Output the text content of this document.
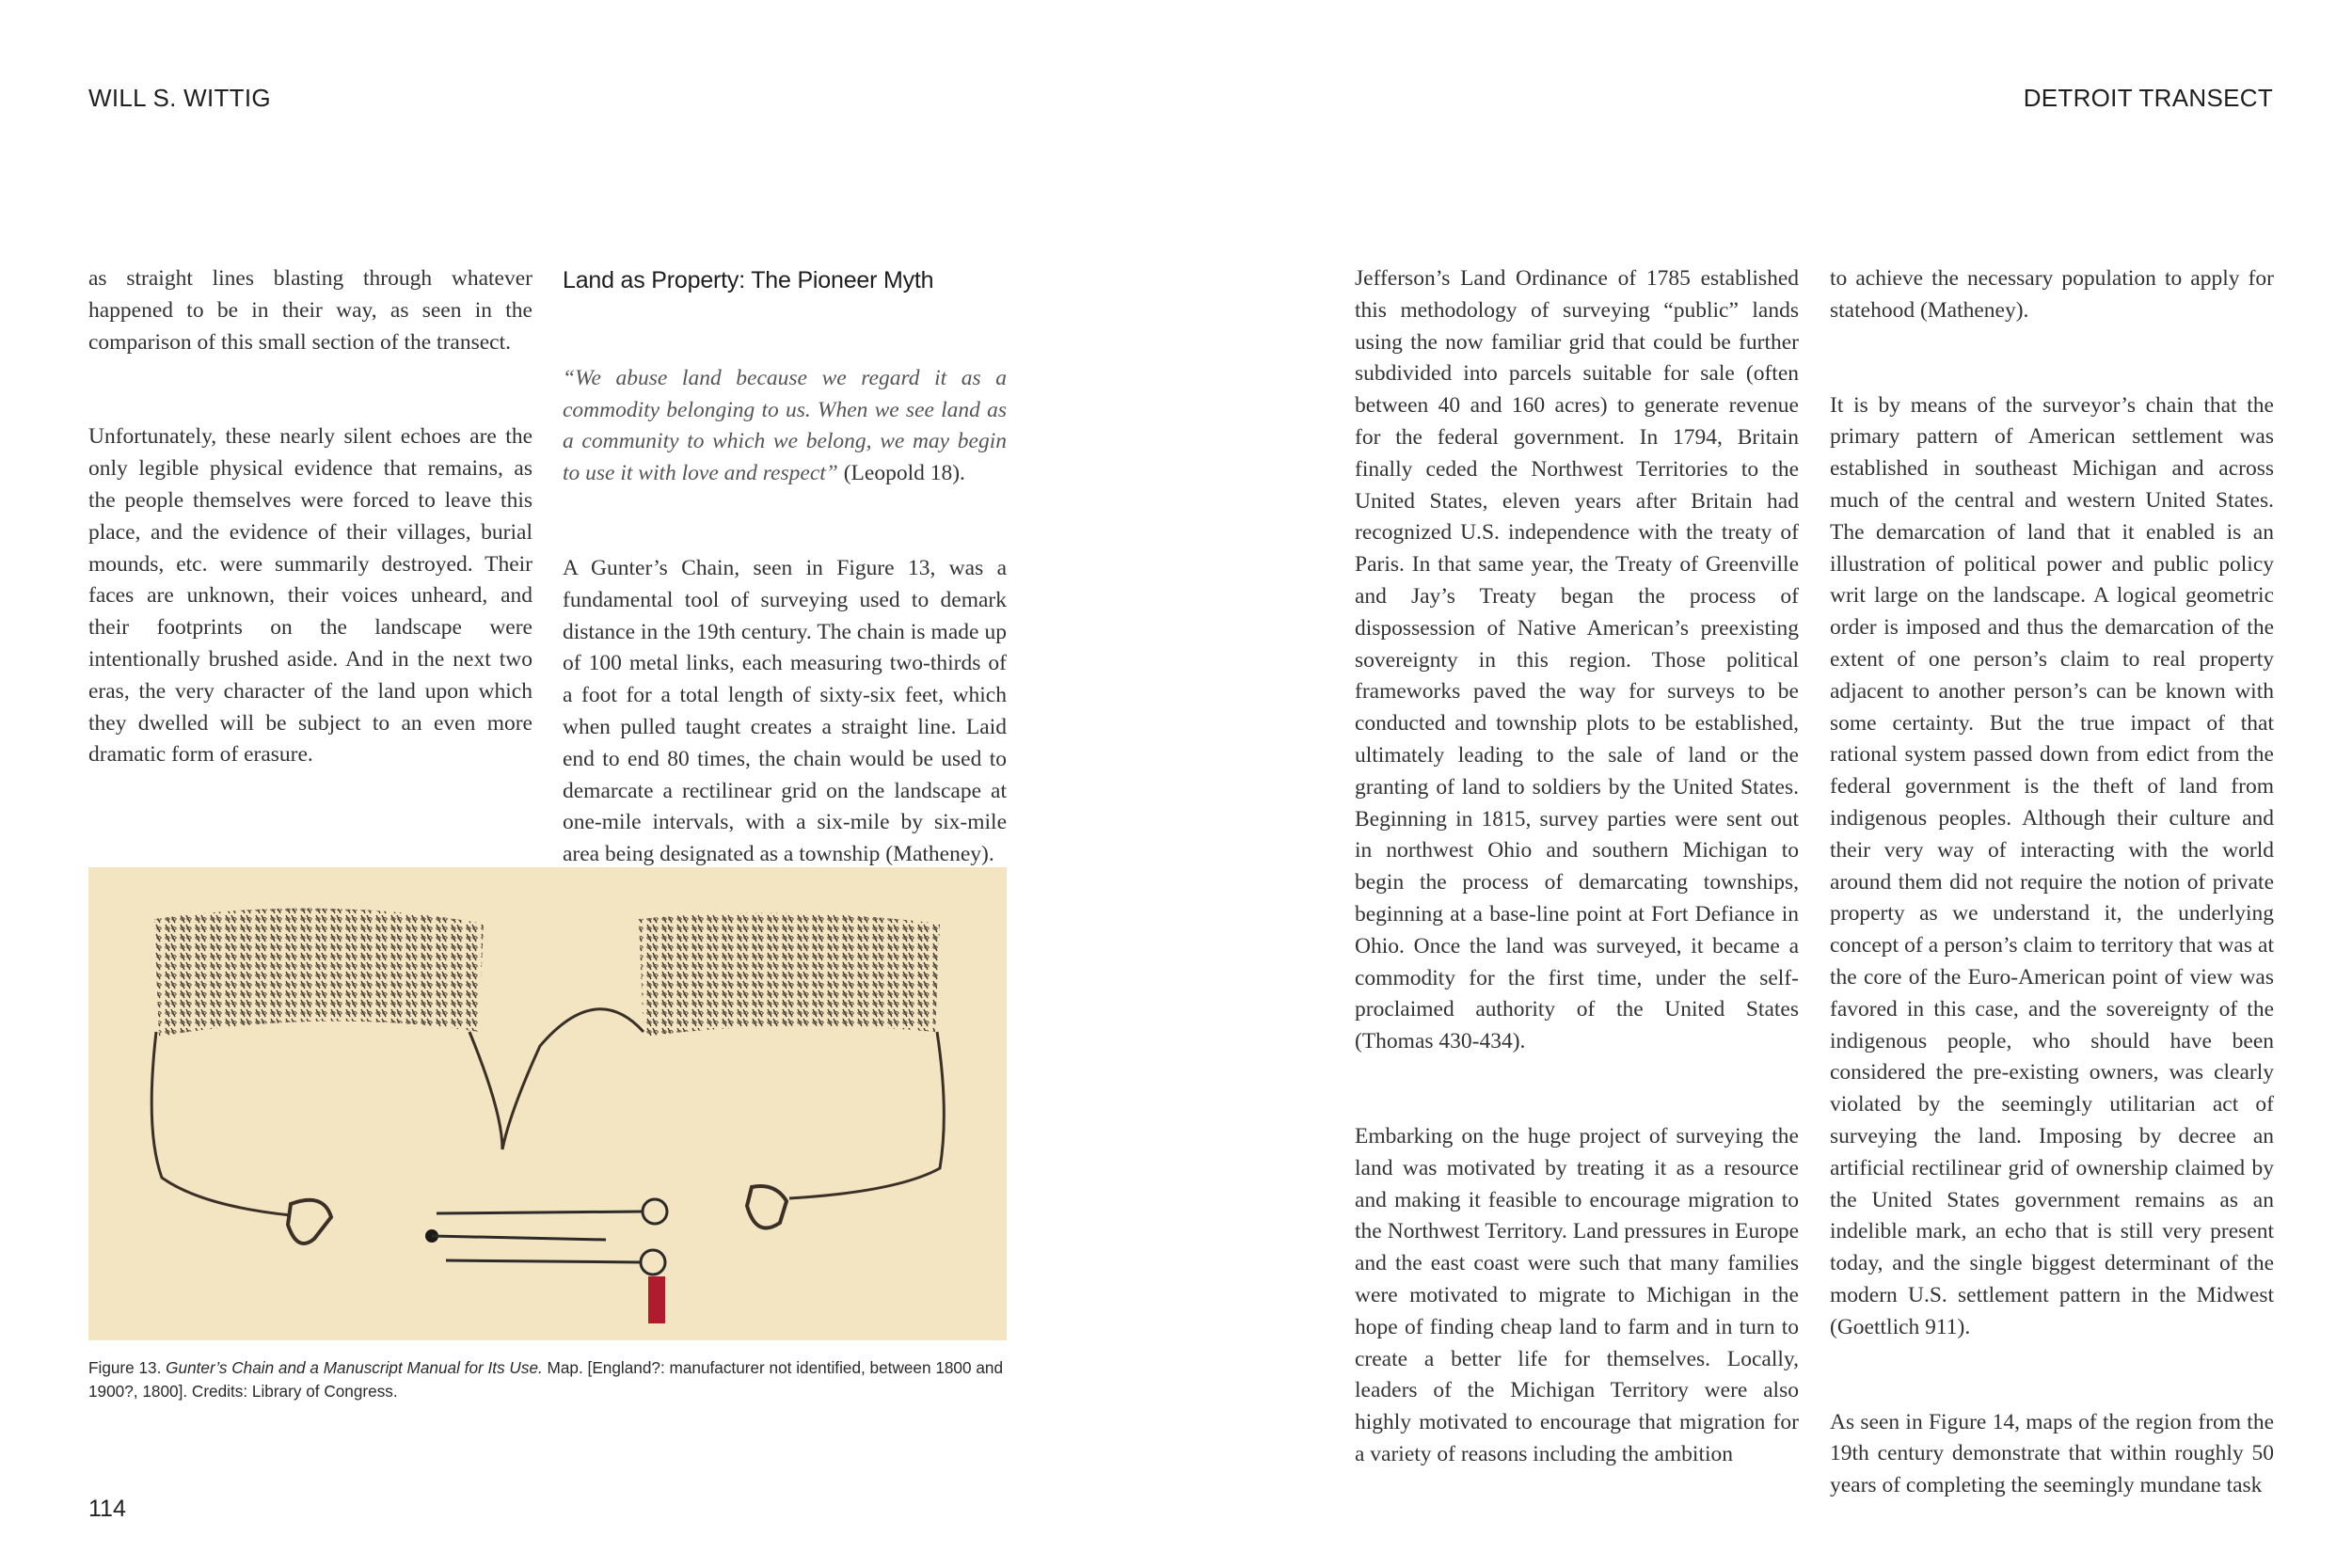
WILL S. WITTIG	DETROIT TRANSECT

as straight lines blasting through whatever happened to be in their way, as seen in the comparison of this small section of the transect.

Unfortunately, these nearly silent echoes are the only legible physical evidence that remains, as the people themselves were forced to leave this place, and the evidence of their villages, burial mounds, etc. were summarily destroyed. Their faces are unknown, their voices unheard, and their footprints on the landscape were intentionally brushed aside. And in the next two eras, the very character of the land upon which they dwelled will be subject to an even more dramatic form of erasure.

Land as Property: The Pioneer Myth

“We abuse land because we regard it as a commodity belonging to us. When we see land as a community to which we belong, we may begin to use it with love and respect” (Leopold 18).

A Gunter’s Chain, seen in Figure 13, was a fundamental tool of surveying used to demark distance in the 19th century. The chain is made up of 100 metal links, each measuring two-thirds of a foot for a total length of sixty-six feet, which when pulled taught creates a straight line. Laid end to end 80 times, the chain would be used to demarcate a rectilinear grid on the landscape at one-mile intervals, with a six-mile by six-mile area being designated as a township (Matheney).

Figure 13. Gunter’s Chain and a Manuscript Manual for Its Use. Map. [England?: manufacturer not identified, between 1800 and 1900?, 1800]. Credits: Library of Congress.
114

Jefferson’s Land Ordinance of 1785 established this methodology of surveying “public” lands using the now familiar grid that could be further subdivided into parcels suitable for sale (often between 40 and 160 acres) to generate revenue for the federal government. In 1794, Britain finally ceded the Northwest Territories to the United States, eleven years after Britain had recognized U.S. independence with the treaty of Paris. In that same year, the Treaty of Greenville and Jay’s Treaty began the process of dispossession of Native American’s preexisting sovereignty in this region. Those political frameworks paved the way for surveys to be conducted and township plots to be established, ultimately leading to the sale of land or the granting of land to soldiers by the United States. Beginning in 1815, survey parties were sent out in northwest Ohio and southern Michigan to begin the process of demarcating townships, beginning at a base-line point at Fort Defiance in Ohio. Once the land was surveyed, it became a commodity for the first time, under the self-proclaimed authority of the United States (Thomas 430-434).

Embarking on the huge project of surveying the land was motivated by treating it as a resource and making it feasible to encourage migration to the Northwest Territory. Land pressures in Europe and the east coast were such that many families were motivated to migrate to Michigan in the hope of finding cheap land to farm and in turn to create a better life for themselves. Locally, leaders of the Michigan Territory were also highly motivated to encourage that migration for a variety of reasons including the ambition

to achieve the necessary population to apply for statehood (Matheney).

It is by means of the surveyor’s chain that the primary pattern of American settlement was established in southeast Michigan and across much of the central and western United States. The demarcation of land that it enabled is an illustration of political power and public policy writ large on the landscape. A logical geometric order is imposed and thus the demarcation of the extent of one person’s claim to real property adjacent to another person’s can be known with some certainty. But the true impact of that rational system passed down from edict from the federal government is the theft of land from indigenous peoples. Although their culture and their very way of interacting with the world around them did not require the notion of private property as we understand it, the underlying concept of a person’s claim to territory that was at the core of the Euro-American point of view was favored in this case, and the sovereignty of the indigenous people, who should have been considered the pre-existing owners, was clearly violated by the seemingly utilitarian act of surveying the land. Imposing by decree an artificial rectilinear grid of ownership claimed by the United States government remains as an indelible mark, an echo that is still very present today, and the single biggest determinant of the modern U.S. settlement pattern in the Midwest (Goettlich 911).

As seen in Figure 14, maps of the region from the 19th century demonstrate that within roughly 50 years of completing the seemingly mundane task
